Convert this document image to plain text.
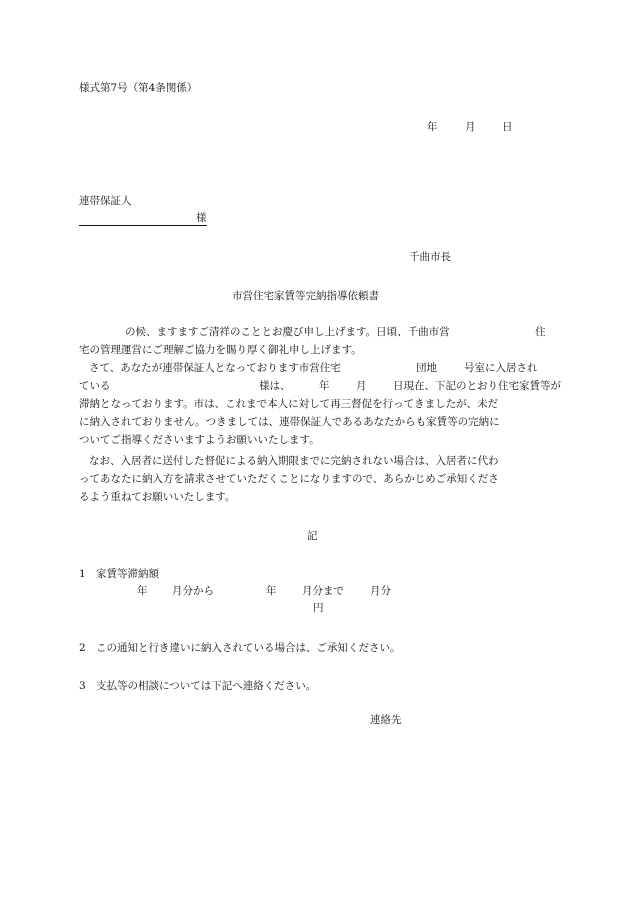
様式第7号（第4条関係）
年	月	日
連帯保証人
様
千曲市長
市営住宅家賃等完納指導依頼書
の候、ますますご清祥のこととお慶び申し上げます。日頃、千曲市営	住
宅の管理運営にご理解ご協力を賜り厚く御礼申し上げます。
さて、あなたが連帯保証人となっております市営住宅	団地	号室に入居され
ている	様は、	年	月	日現在、下記のとおり住宅家賃等が
滞納となっております。市は、これまで本人に対して再三督促を行ってきましたが、未だ
に納入されておりません。つきましては、連帯保証人であるあなたからも家賃等の完納に
ついてご指導くださいますようお願いいたします。
なお、入居者に送付した督促による納入期限までに完納されない場合は、入居者に代わ
ってあなたに納入方を請求させていただくことになりますので、あらかじめご承知くださ
るよう重ねてお願いいたします。
記
1 家賃等滞納額
年 月分から	年 月分まで 月分
円
2 この通知と行き違いに納入されている場合は、ご承知ください。
3 支払等の相談については下記へ連絡ください。
連絡先
